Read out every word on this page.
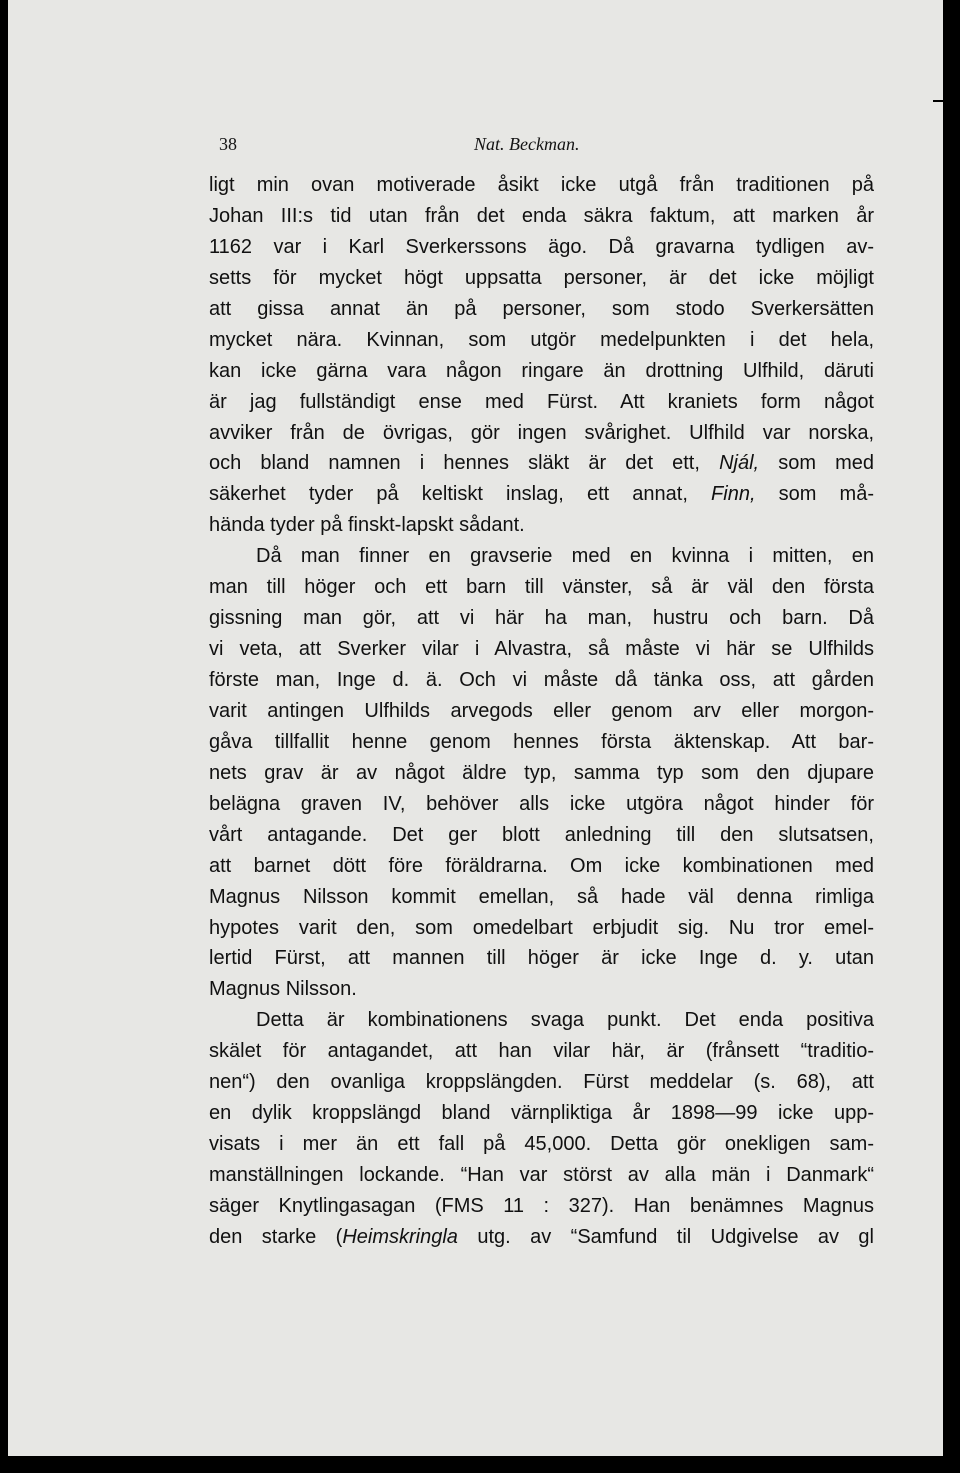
38	Nat. Beckman.
ligt min ovan motiverade åsikt icke utgå från traditionen på
Johan III:s tid utan från det enda säkra faktum, att marken år
1162 var i Karl Sverkerssons ägo. Då gravarna tydligen av-
setts för mycket högt uppsatta personer, är det icke möjligt
att gissa annat än på personer, som stodo Sverkersätten
mycket nära. Kvinnan, som utgör medelpunkten i det hela,
kan icke gärna vara någon ringare än drottning Ulfhild, däruti
är jag fullständigt ense med Fürst. Att kraniets form något
avviker från de övrigas, gör ingen svårighet. Ulfhild var norska,
och bland namnen i hennes släkt är det ett, Njál, som med
säkerhet tyder på keltiskt inslag, ett annat, Finn, som må-
hända tyder på finskt-lapskt sådant.
Då man finner en gravserie med en kvinna i mitten, en
man till höger och ett barn till vänster, så är väl den första
gissning man gör, att vi här ha man, hustru och barn. Då
vi veta, att Sverker vilar i Alvastra, så måste vi här se Ulfhilds
förste man, Inge d. ä. Och vi måste då tänka oss, att gården
varit antingen Ulfhilds arvegods eller genom arv eller morgon-
gåva tillfallit henne genom hennes första äktenskap. Att bar-
nets grav är av något äldre typ, samma typ som den djupare
belägna graven IV, behöver alls icke utgöra något hinder för
vårt antagande. Det ger blott anledning till den slutsatsen,
att barnet dött före föräldrarna. Om icke kombinationen med
Magnus Nilsson kommit emellan, så hade väl denna rimliga
hypotes varit den, som omedelbart erbjudit sig. Nu tror emel-
lertid Fürst, att mannen till höger är icke Inge d. y. utan
Magnus Nilsson.
Detta är kombinationens svaga punkt. Det enda positiva
skälet för antagandet, att han vilar här, är (frånsett “traditio-
nen“) den ovanliga kroppslängden. Fürst meddelar (s. 68), att
en dylik kroppslängd bland värnpliktiga år 1898—99 icke upp-
visats i mer än ett fall på 45,000. Detta gör onekligen sam-
manställningen lockande. “Han var störst av alla män i Danmark“
säger Knytlingasagan (FMS 11 : 327). Han benämnes Magnus
den starke (Heimskringla utg. av “Samfund til Udgivelse av gl
